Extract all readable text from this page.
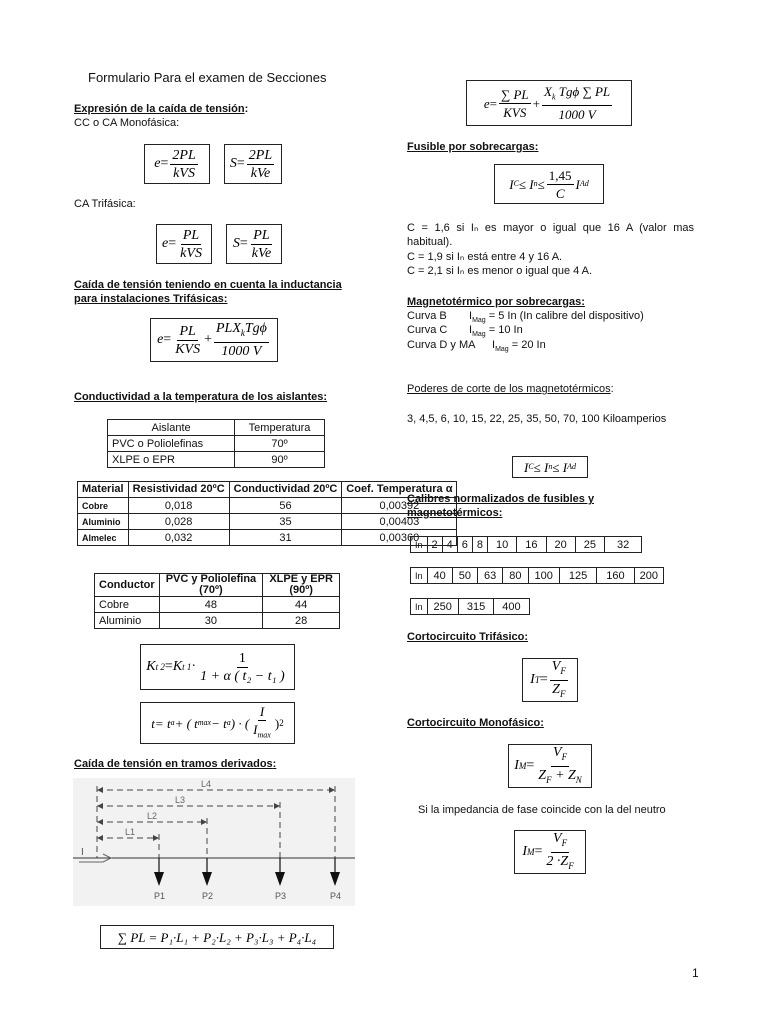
Formulario Para el examen de Secciones
Expresión de la caída de tensión:
CC o CA Monofásica:
$e = \frac{2PL}{\text{kVS}}$ $S = \frac{2PL}{\text{kVe}}$
CA Trifásica:
$e = \frac{PL}{\text{kVS}}$ $S = \frac{PL}{\text{kVe}}$
Caída de tensión teniendo en cuenta la inductancia
para instalaciones Trifásicas:
$e = \frac{PL}{\text{KVS}} + \frac{PLX_kTg\phi}{1000 V}$
Conductividad a la temperatura de los aislantes:
Aislante	Temperatura
PVC o Poliolefinas	70º
XLPE o EPR	90º
Material	Resistividad 20ºC	Conductividad 20ºC	Coef. Temperatura α
Cobre	0,018	56	0,00392
Aluminio	0,028	35	0,00403
Almelec	0,032	31	0,00360
Conductor	PVC y Poliolefina (70º)	XLPE y EPR (90º)
Cobre	48	44
Aluminio	30	28
K t 2 = K t $1 \cdot \frac{1}{\text{1 + α ( t₂ − t₁ )}}$
t = t a + ( t max − t a ) · ( $\frac{I}{I_{max}}$ ) 2
Caída de tensión en tramos derivados:
L4
L3
L2
L1
I
P1	P2	P3	P4
∑ PL = P₁·L₁ + P₂·L₂ + P₃·L₃ + P₄·L₄
$e = \frac{\sum PL}{\text{KVS}} + \frac{X_k Tg\phi \sum PL}{1000 V}$
Fusible por sobrecargas:
I C ≤ I $n \le \frac{1,45}{C}$ I Ad
C = 1,6 si Iₙ es mayor o igual que 16 A (valor mas habitual).
C = 1,9 si Iₙ está entre 4 y 16 A.
C = 2,1 si Iₙ es menor o igual que 4 A.
Magnetotérmico por sobrecargas:
Curva B $I_{Mag} = 5$ In (In calibre del dispositivo)
Curva C $I_{Mag} = 10$ In
Curva D y MA $I_{Mag} = 20$ In
Poderes de corte de los magnetotérmicos:
3, 4,5, 6, 10, 15, 22, 25, 35, 50, 70, 100 Kiloamperios
I C ≤ I n ≤ I Ad
Calibres normalizados de fusibles y
magnetotérmicos:
In	2	4	6	8	10	16	20	25	32
In	40	50	63	80	100	125	160	200
In	250	315	400
Cortocircuito Trifásico:
I $T = \frac{V_F}{Z_F}$
Cortocircuito Monofásico:
I $M = \frac{V_F}{Z_F + Z_N}$
Si la impedancia de fase coincide con la del neutro
I $M = \frac{V_F}{2 \cdot Z_F}$
1
